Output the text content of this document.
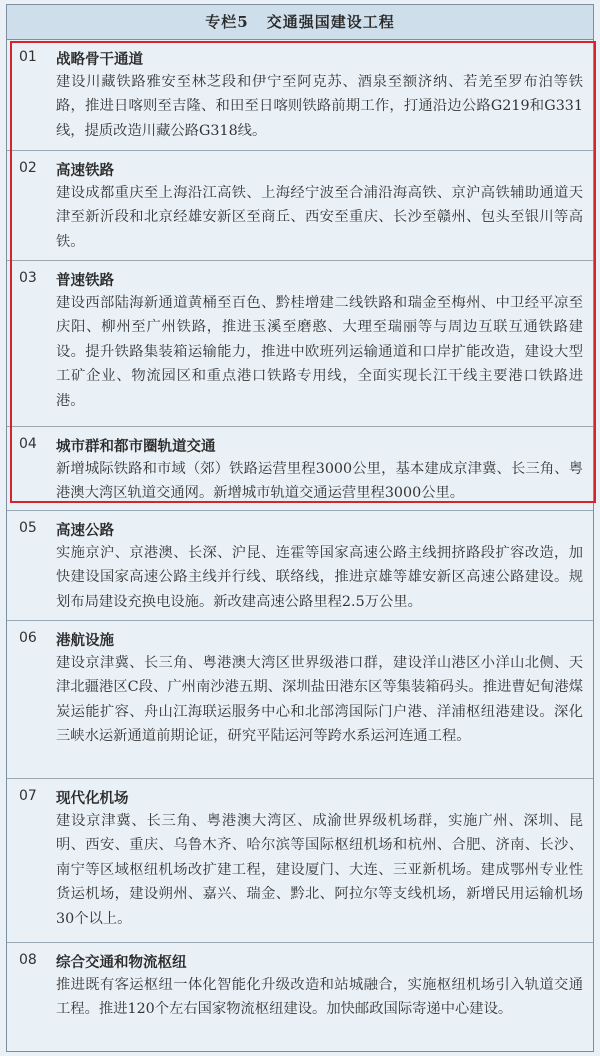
专栏5 交通强国建设工程
01 战略骨干通道
建设川藏铁路雅安至林芝段和伊宁至阿克苏、酒泉至额济纳、若羌至罗布泊等铁路，推进日喀则至吉隆、和田至日喀则铁路前期工作，打通沿边公路G219和G331线，提质改造川藏公路G318线。
02 高速铁路
建设成都重庆至上海沿江高铁、上海经宁波至合浦沿海高铁、京沪高铁辅助通道天津至新沂段和北京经雄安新区至商丘、西安至重庆、长沙至赣州、包头至银川等高铁。
03 普速铁路
建设西部陆海新通道黄桶至百色、黔桂增建二线铁路和瑞金至梅州、中卫经平凉至庆阳、柳州至广州铁路，推进玉溪至磨憨、大理至瑞丽等与周边互联互通铁路建设。提升铁路集装箱运输能力，推进中欧班列运输通道和口岸扩能改造，建设大型工矿企业、物流园区和重点港口铁路专用线，全面实现长江干线主要港口铁路进港。
04 城市群和都市圈轨道交通
新增城际铁路和市域（郊）铁路运营里程3000公里，基本建成京津冀、长三角、粤港澳大湾区轨道交通网。新增城市轨道交通运营里程3000公里。
05 高速公路
实施京沪、京港澳、长深、沪昆、连霍等国家高速公路主线拥挤路段扩容改造，加快建设国家高速公路主线并行线、联络线，推进京雄等雄安新区高速公路建设。规划布局建设充换电设施。新改建高速公路里程2.5万公里。
06 港航设施
建设京津冀、长三角、粤港澳大湾区世界级港口群，建设洋山港区小洋山北侧、天津北疆港区C段、广州南沙港五期、深圳盐田港东区等集装箱码头。推进曹妃甸港煤炭运能扩容、舟山江海联运服务中心和北部湾国际门户港、洋浦枢纽港建设。深化三峡水运新通道前期论证，研究平陆运河等跨水系运河连通工程。
07 现代化机场
建设京津冀、长三角、粤港澳大湾区、成渝世界级机场群，实施广州、深圳、昆明、西安、重庆、乌鲁木齐、哈尔滨等国际枢纽机场和杭州、合肥、济南、长沙、南宁等区域枢纽机场改扩建工程，建设厦门、大连、三亚新机场。建成鄂州专业性货运机场，建设朔州、嘉兴、瑞金、黔北、阿拉尔等支线机场，新增民用运输机场30个以上。
08 综合交通和物流枢纽
推进既有客运枢纽一体化智能化升级改造和站城融合，实施枢纽机场引入轨道交通工程。推进120个左右国家物流枢纽建设。加快邮政国际寄递中心建设。
